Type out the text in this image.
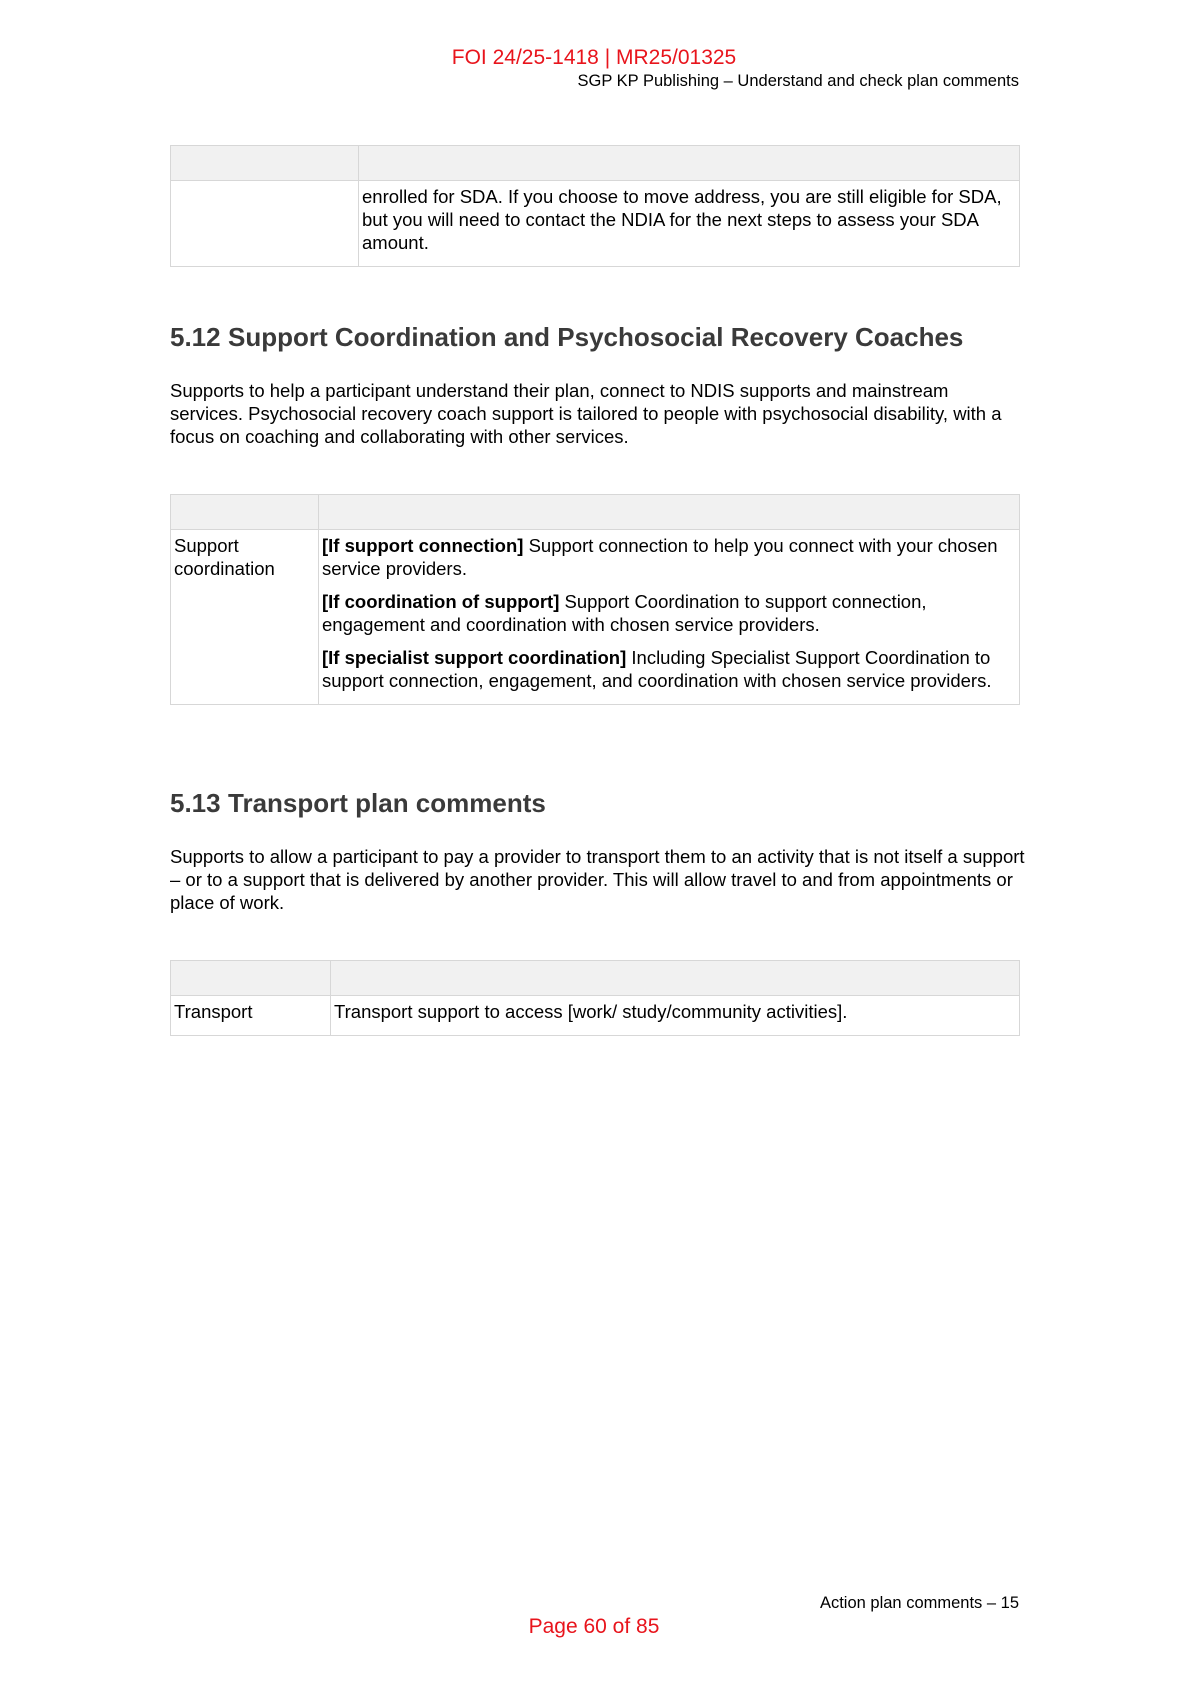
FOI 24/25-1418 | MR25/01325
SGP KP Publishing – Understand and check plan comments

	enrolled for SDA. If you choose to move address, you are still eligible for SDA, but you will need to contact the NDIA for the next steps to assess your SDA amount.
5.12 Support Coordination and Psychosocial Recovery Coaches

Supports to help a participant understand their plan, connect to NDIS supports and mainstream services. Psychosocial recovery coach support is tailored to people with psychosocial disability, with a focus on coaching and collaborating with other services.

Support coordination	[If support connection] Support connection to help you connect with your chosen service providers.

[If coordination of support] Support Coordination to support connection, engagement and coordination with chosen service providers.

[If specialist support coordination] Including Specialist Support Coordination to support connection, engagement, and coordination with chosen service providers.

5.13 Transport plan comments

Supports to allow a participant to pay a provider to transport them to an activity that is not itself a support – or to a support that is delivered by another provider. This will allow travel to and from appointments or place of work.

Transport	Transport support to access [work/ study/community activities].
Action plan comments – 15
Page 60 of 85
